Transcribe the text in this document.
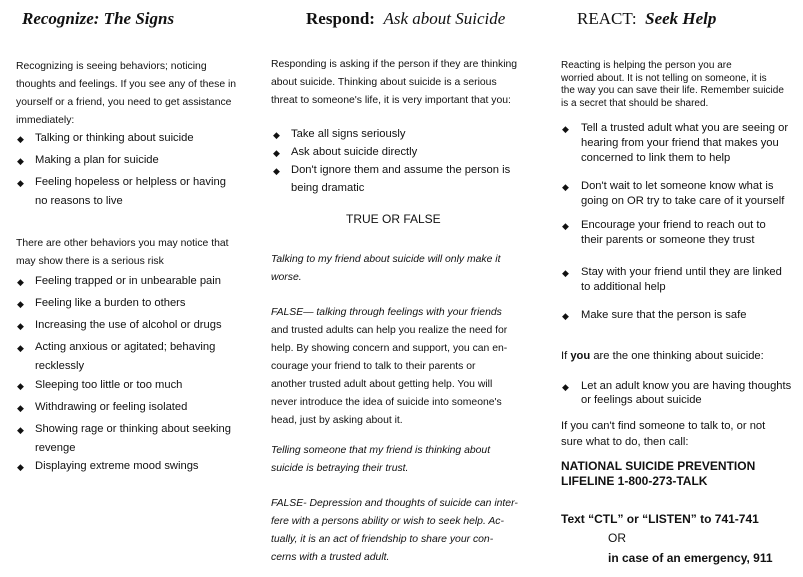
Recognize: The Signs
Recognizing is seeing behaviors; noticing
thoughts and feelings. If you see any of these in
yourself or a friend, you need to get assistance
immediately:
◆ Talking or thinking about suicide
◆ Making a plan for suicide
◆ Feeling hopeless or helpless or having
no reasons to live
There are other behaviors you may notice that
may show there is a serious risk
◆ Feeling trapped or in unbearable pain
◆ Feeling like a burden to others
◆ Increasing the use of alcohol or drugs
◆ Acting anxious or agitated; behaving
recklessly
◆ Sleeping too little or too much
◆ Withdrawing or feeling isolated
◆ Showing rage or thinking about seeking
revenge
◆ Displaying extreme mood swings
Respond: Ask about Suicide
Responding is asking if the person if they are thinking
about suicide. Thinking about suicide is a serious
threat to someone's life, it is very important that you:
◆ Take all signs seriously
◆ Ask about suicide directly
◆ Don't ignore them and assume the person is
being dramatic
TRUE OR FALSE
Talking to my friend about suicide will only make it
worse.
FALSE— talking through feelings with your friends
and trusted adults can help you realize the need for
help. By showing concern and support, you can en-
courage your friend to talk to their parents or
another trusted adult about getting help. You will
never introduce the idea of suicide into someone's
head, just by asking about it.
Telling someone that my friend is thinking about
suicide is betraying their trust.
FALSE- Depression and thoughts of suicide can inter-
fere with a persons ability or wish to seek help. Ac-
tually, it is an act of friendship to share your con-
cerns with a trusted adult.
REACT: Seek Help
Reacting is helping the person you are
worried about. It is not telling on someone, it is
the way you can save their life. Remember suicide
is a secret that should be shared.
◆ Tell a trusted adult what you are seeing or
hearing from your friend that makes you
concerned to link them to help
◆ Don't wait to let someone know what is
going on OR try to take care of it yourself
◆ Encourage your friend to reach out to
their parents or someone they trust
◆ Stay with your friend until they are linked
to additional help
◆ Make sure that the person is safe
If you are the one thinking about suicide:
◆ Let an adult know you are having thoughts
or feelings about suicide
If you can't find someone to talk to, or not
sure what to do, then call:
NATIONAL SUICIDE PREVENTION
LIFELINE 1-800-273-TALK
Text “CTL” or “LISTEN” to 741-741
OR
in case of an emergency, 911
